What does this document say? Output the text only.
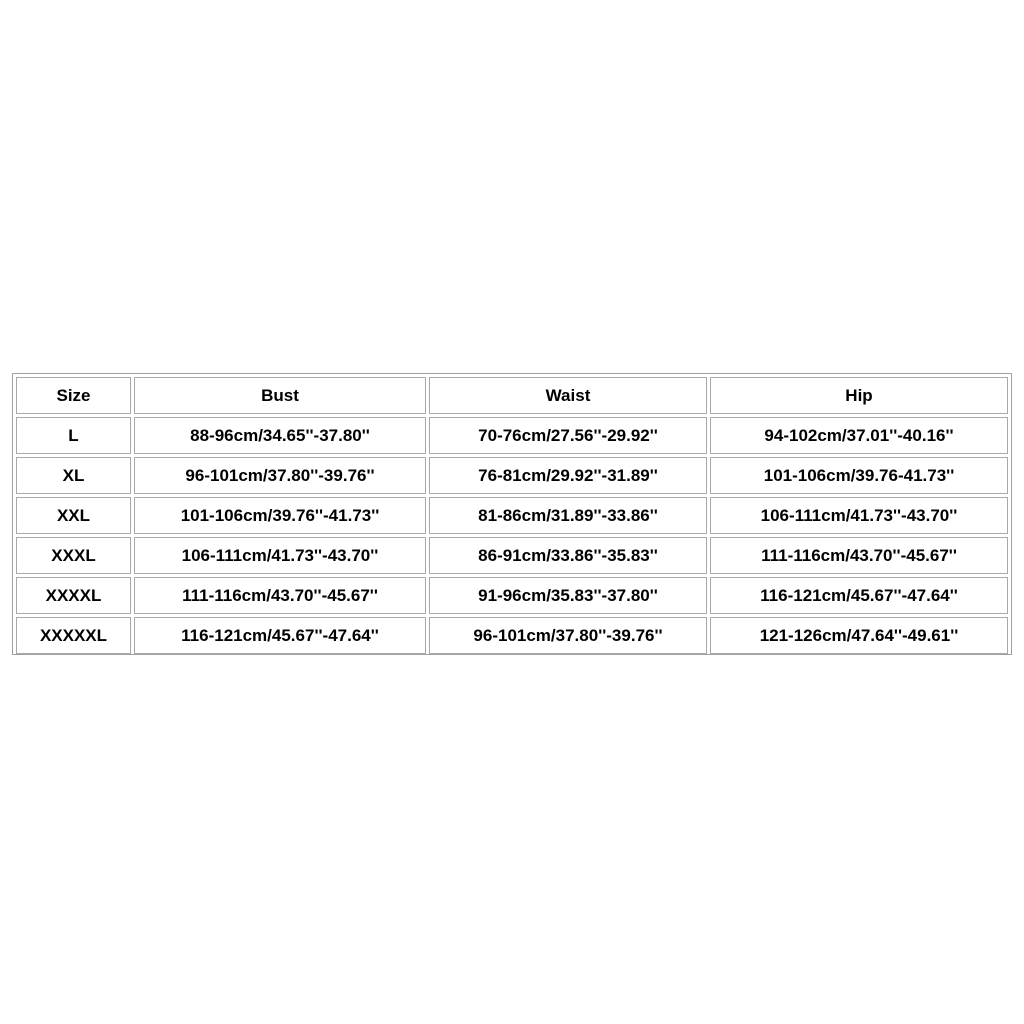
Size	Bust	Waist	Hip
L	88-96cm/34.65''-37.80''	70-76cm/27.56''-29.92''	94-102cm/37.01''-40.16''
XL	96-101cm/37.80''-39.76''	76-81cm/29.92''-31.89''	101-106cm/39.76-41.73''
XXL	101-106cm/39.76''-41.73''	81-86cm/31.89''-33.86''	106-111cm/41.73''-43.70''
XXXL	106-111cm/41.73''-43.70''	86-91cm/33.86''-35.83''	111-116cm/43.70''-45.67''
XXXXL	111-116cm/43.70''-45.67''	91-96cm/35.83''-37.80''	116-121cm/45.67''-47.64''
XXXXXL	116-121cm/45.67''-47.64''	96-101cm/37.80''-39.76''	121-126cm/47.64''-49.61''
